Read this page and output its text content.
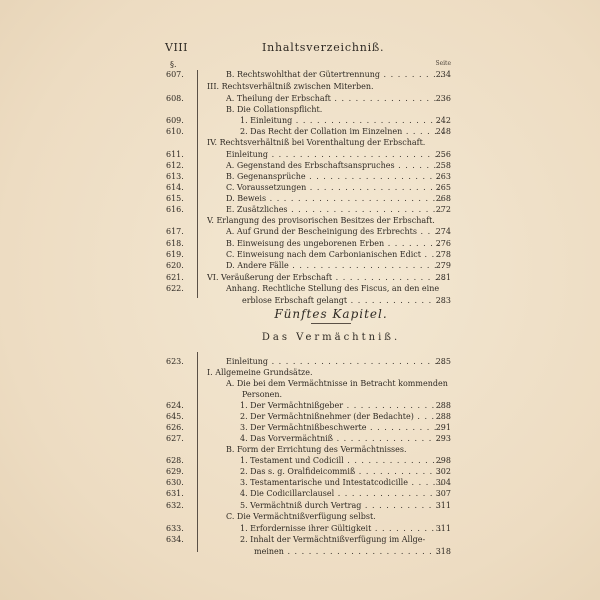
VIII	Inhaltsverzeichniß.
§.	Seite
Fünftes Kapitel.
Das Vermächtniß.
607.	B. Rechtswohlthat der Gütertrennung . . .	234
III. Rechtsverhältniß zwischen Miterben.
608.	A. Theilung der Erbschaft . . .	236
B. Die Collationspflicht.
609.	1. Einleitung . . .	242
610.	2. Das Recht der Collation im Einzelnen . . .	248
IV. Rechtsverhältniß bei Vorenthaltung der Erbschaft.
611.	Einleitung . . .	256
612.	A. Gegenstand des Erbschaftsanspruches . . .	258
613.	B. Gegenansprüche . . .	263
614.	C. Voraussetzungen . . .	265
615.	D. Beweis . . .	268
616.	E. Zusätzliches . . .	272
V. Erlangung des provisorischen Besitzes der Erbschaft.
617.	A. Auf Grund der Bescheinigung des Erbrechts . . .	274
618.	B. Einweisung des ungeborenen Erben . . .	276
619.	C. Einweisung nach dem Carbonianischen Edict . . .	278
620.	D. Andere Fälle . . .	279
621.	VI. Veräußerung der Erbschaft . . .	281
622.	Anhang. Rechtliche Stellung des Fiscus, an den eine
erblose Erbschaft gelangt . . .	283
623.	Einleitung . . .	285
I. Allgemeine Grundsätze.
A. Die bei dem Vermächtnisse in Betracht kommenden
Personen.
624.	1. Der Vermächtnißgeber . . .	288
645.	2. Der Vermächtnißnehmer (der Bedachte) . . .	288
626.	3. Der Vermächtnißbeschwerte . . .	291
627.	4. Das Vorvermächtniß . . .	293
B. Form der Errichtung des Vermächtnisses.
628.	1. Testament und Codicill . . .	298
629.	2. Das s. g. Oralfideicommiß . . .	302
630.	3. Testamentarische und Intestatcodicille . . .	304
631.	4. Die Codicillarclausel . . .	307
632.	5. Vermächtniß durch Vertrag . . .	311
C. Die Vermächtnißverfügung selbst.
633.	1. Erfordernisse ihrer Gültigkeit . . .	311
634.	2. Inhalt der Vermächtnißverfügung im Allge-
meinen . . .	318
